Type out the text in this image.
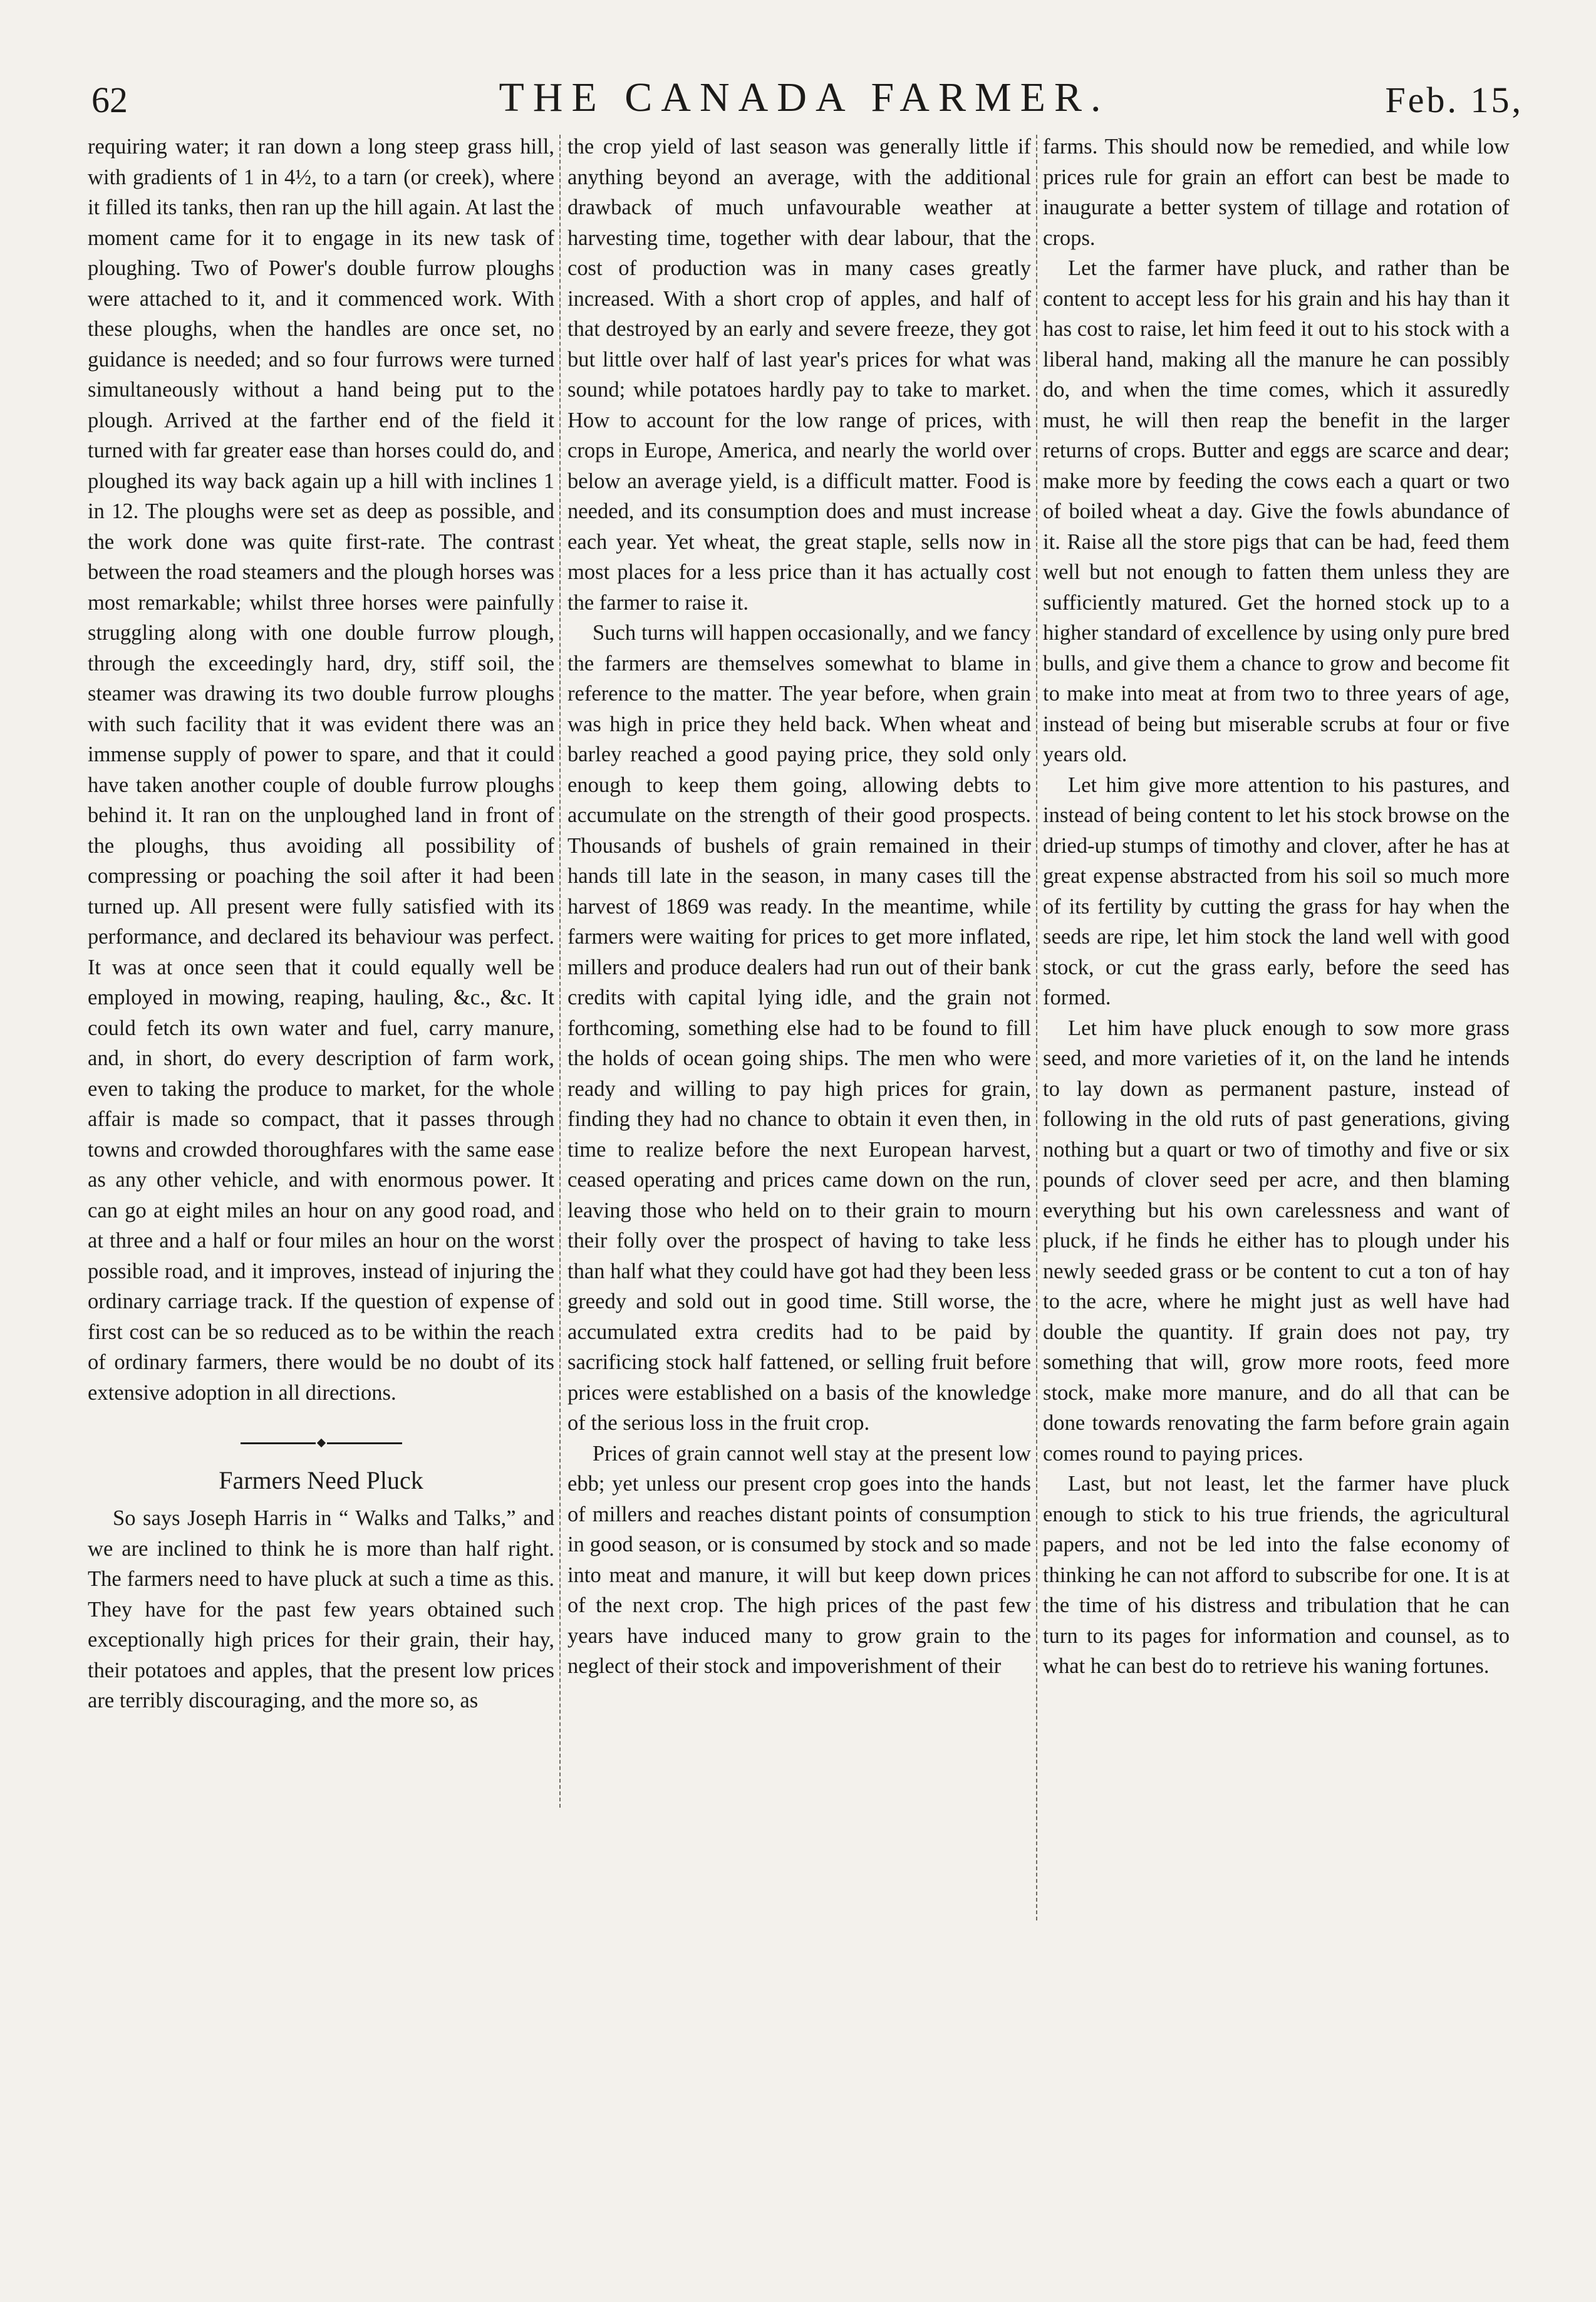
62	THE CANADA FARMER.	Feb. 15,

requiring water; it ran down a long steep grass hill, with gradients of 1 in 4½, to a tarn (or creek), where it filled its tanks, then ran up the hill again. At last the moment came for it to engage in its new task of ploughing. Two of Power's double furrow ploughs were attached to it, and it commenced work. With these ploughs, when the handles are once set, no guidance is needed; and so four furrows were turned simultaneously without a hand being put to the plough. Arrived at the farther end of the field it turned with far greater ease than horses could do, and ploughed its way back again up a hill with inclines 1 in 12. The ploughs were set as deep as possible, and the work done was quite first-rate. The contrast between the road steamers and the plough horses was most remarkable; whilst three horses were painfully struggling along with one double furrow plough, through the exceedingly hard, dry, stiff soil, the steamer was drawing its two double furrow ploughs with such facility that it was evident there was an immense supply of power to spare, and that it could have taken another couple of double furrow ploughs behind it. It ran on the unploughed land in front of the ploughs, thus avoiding all possibility of compressing or poaching the soil after it had been turned up. All present were fully satisfied with its performance, and declared its behaviour was perfect. It was at once seen that it could equally well be employed in mowing, reaping, hauling, &c., &c. It could fetch its own water and fuel, carry manure, and, in short, do every description of farm work, even to taking the produce to market, for the whole affair is made so compact, that it passes through towns and crowded thoroughfares with the same ease as any other vehicle, and with enormous power. It can go at eight miles an hour on any good road, and at three and a half or four miles an hour on the worst possible road, and it improves, instead of injuring the ordinary carriage track. If the question of expense of first cost can be so reduced as to be within the reach of ordinary farmers, there would be no doubt of its extensive adoption in all directions.

Farmers Need Pluck

So says Joseph Harris in “ Walks and Talks,” and we are inclined to think he is more than half right. The farmers need to have pluck at such a time as this. They have for the past few years obtained such exceptionally high prices for their grain, their hay, their potatoes and apples, that the present low prices are terribly discouraging, and the more so, as

the crop yield of last season was generally little if anything beyond an average, with the additional drawback of much unfavourable weather at harvesting time, together with dear labour, that the cost of production was in many cases greatly increased. With a short crop of apples, and half of that destroyed by an early and severe freeze, they got but little over half of last year's prices for what was sound; while potatoes hardly pay to take to market. How to account for the low range of prices, with crops in Europe, America, and nearly the world over below an average yield, is a difficult matter. Food is needed, and its consumption does and must increase each year. Yet wheat, the great staple, sells now in most places for a less price than it has actually cost the farmer to raise it.

Such turns will happen occasionally, and we fancy the farmers are themselves somewhat to blame in reference to the matter. The year before, when grain was high in price they held back. When wheat and barley reached a good paying price, they sold only enough to keep them going, allowing debts to accumulate on the strength of their good prospects. Thousands of bushels of grain remained in their hands till late in the season, in many cases till the harvest of 1869 was ready. In the meantime, while farmers were waiting for prices to get more inflated, millers and produce dealers had run out of their bank credits with capital lying idle, and the grain not forthcoming, something else had to be found to fill the holds of ocean going ships. The men who were ready and willing to pay high prices for grain, finding they had no chance to obtain it even then, in time to realize before the next European harvest, ceased operating and prices came down on the run, leaving those who held on to their grain to mourn their folly over the prospect of having to take less than half what they could have got had they been less greedy and sold out in good time. Still worse, the accumulated extra credits had to be paid by sacrificing stock half fattened, or selling fruit before prices were established on a basis of the knowledge of the serious loss in the fruit crop.

Prices of grain cannot well stay at the present low ebb; yet unless our present crop goes into the hands of millers and reaches distant points of consumption in good season, or is consumed by stock and so made into meat and manure, it will but keep down prices of the next crop. The high prices of the past few years have induced many to grow grain to the neglect of their stock and impoverishment of their

farms. This should now be remedied, and while low prices rule for grain an effort can best be made to inaugurate a better system of tillage and rotation of crops.

Let the farmer have pluck, and rather than be content to accept less for his grain and his hay than it has cost to raise, let him feed it out to his stock with a liberal hand, making all the manure he can possibly do, and when the time comes, which it assuredly must, he will then reap the benefit in the larger returns of crops. Butter and eggs are scarce and dear; make more by feeding the cows each a quart or two of boiled wheat a day. Give the fowls abundance of it. Raise all the store pigs that can be had, feed them well but not enough to fatten them unless they are sufficiently matured. Get the horned stock up to a higher standard of excellence by using only pure bred bulls, and give them a chance to grow and become fit to make into meat at from two to three years of age, instead of being but miserable scrubs at four or five years old.

Let him give more attention to his pastures, and instead of being content to let his stock browse on the dried-up stumps of timothy and clover, after he has at great expense abstracted from his soil so much more of its fertility by cutting the grass for hay when the seeds are ripe, let him stock the land well with good stock, or cut the grass early, before the seed has formed.

Let him have pluck enough to sow more grass seed, and more varieties of it, on the land he intends to lay down as permanent pasture, instead of following in the old ruts of past generations, giving nothing but a quart or two of timothy and five or six pounds of clover seed per acre, and then blaming everything but his own carelessness and want of pluck, if he finds he either has to plough under his newly seeded grass or be content to cut a ton of hay to the acre, where he might just as well have had double the quantity. If grain does not pay, try something that will, grow more roots, feed more stock, make more manure, and do all that can be done towards renovating the farm before grain again comes round to paying prices.

Last, but not least, let the farmer have pluck enough to stick to his true friends, the agricultural papers, and not be led into the false economy of thinking he can not afford to subscribe for one. It is at the time of his distress and tribulation that he can turn to its pages for information and counsel, as to what he can best do to retrieve his waning fortunes.
